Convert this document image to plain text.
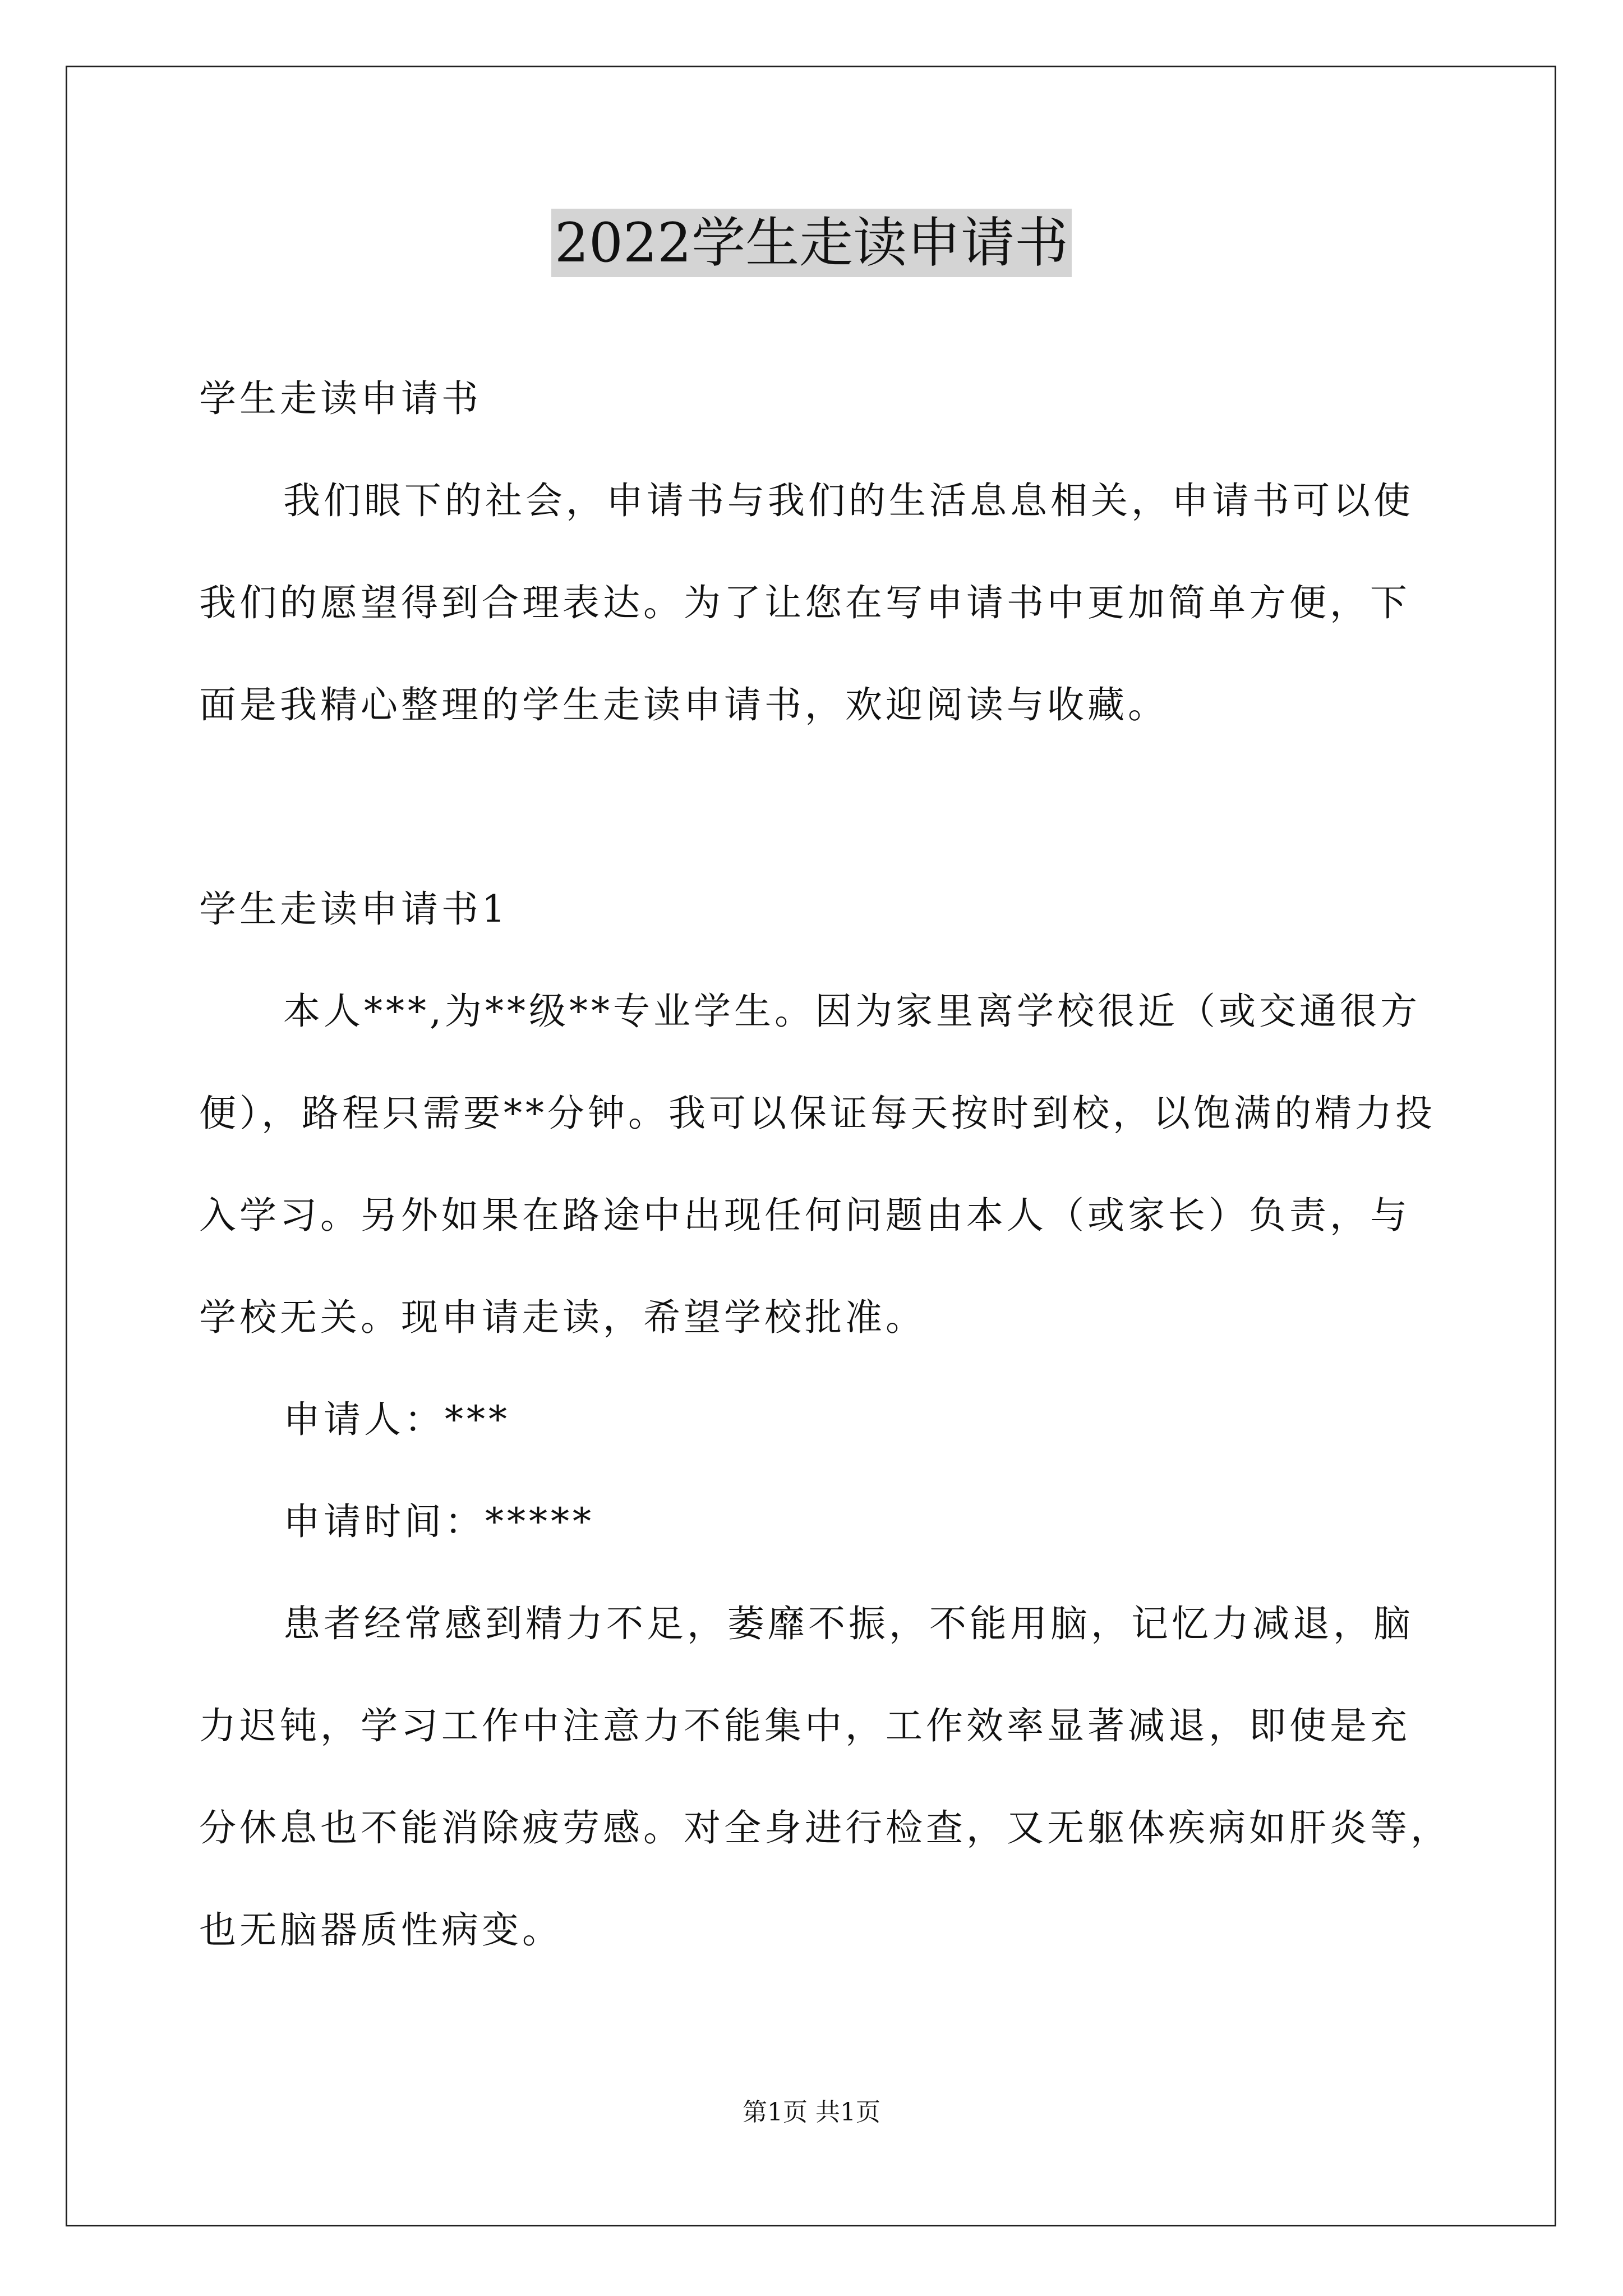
2022学生走读申请书
学生走读申请书
我们眼下的社会，申请书与我们的生活息息相关，申请书可以使
我们的愿望得到合理表达。为了让您在写申请书中更加简单方便，下
面是我精心整理的学生走读申请书，欢迎阅读与收藏。
学生走读申请书1
本人***,为**级**专业学生。因为家里离学校很近（或交通很方
便），路程只需要**分钟。我可以保证每天按时到校，以饱满的精力投
入学习。另外如果在路途中出现任何问题由本人（或家长）负责，与
学校无关。现申请走读，希望学校批准。
申请人：***
申请时间：*****
患者经常感到精力不足，萎靡不振，不能用脑，记忆力减退，脑
力迟钝，学习工作中注意力不能集中，工作效率显著减退，即使是充
分休息也不能消除疲劳感。对全身进行检查，又无躯体疾病如肝炎等，
也无脑器质性病变。
第1页 共1页
